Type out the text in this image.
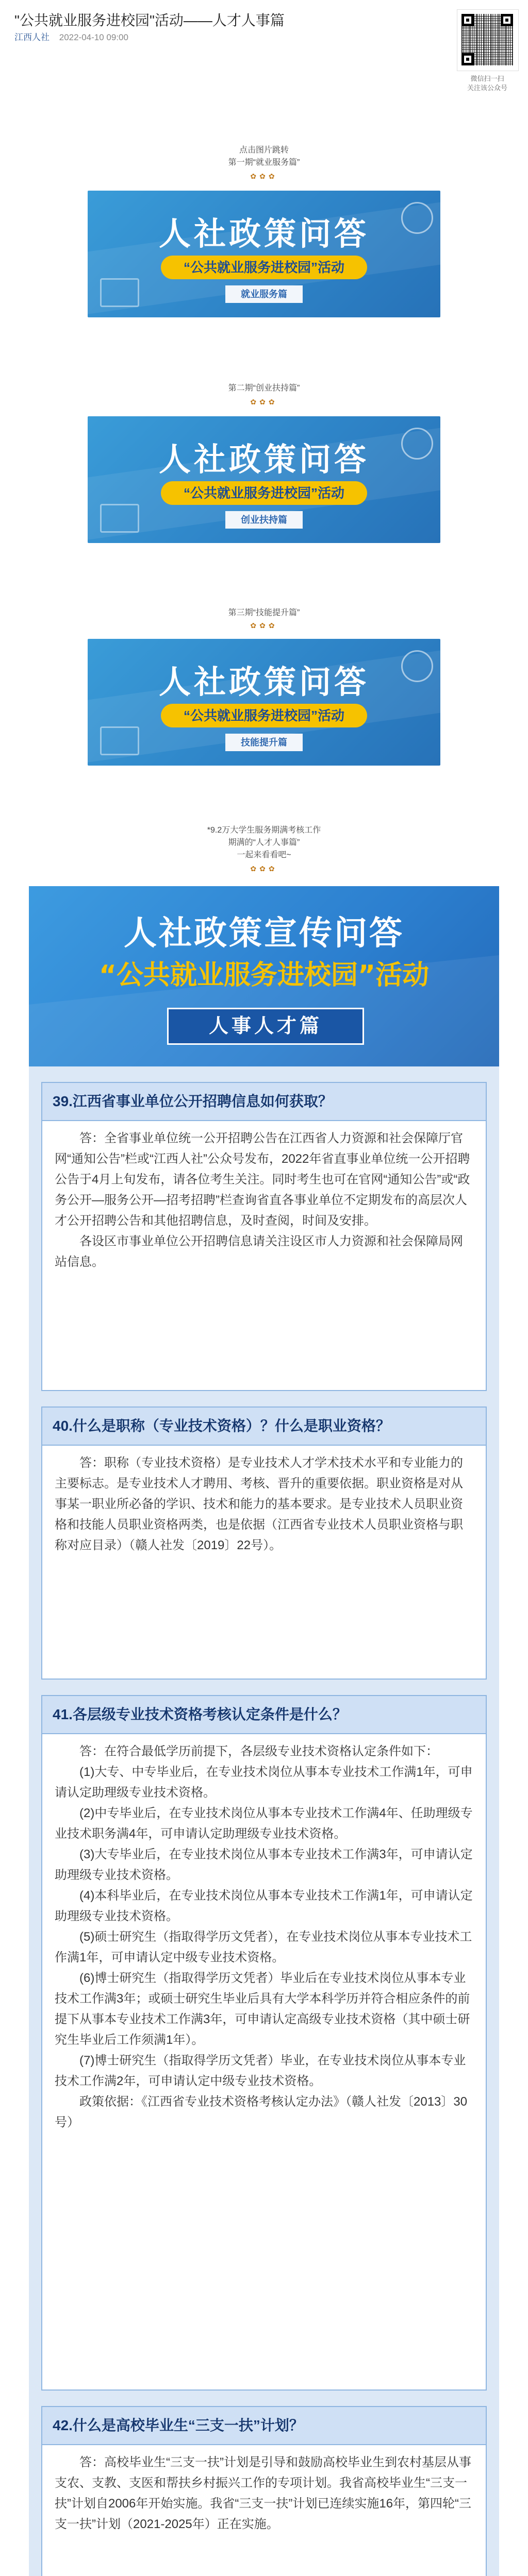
"公共就业服务进校园"活动——人才人事篇
江西人社 2022-04-10 09:00
微信扫一扫
关注该公众号
点击图片跳转
第一期“就业服务篇”
✿✿✿
人社政策问答
“公共就业服务进校园”活动
就业服务篇
第二期“创业扶持篇”
✿✿✿
人社政策问答
“公共就业服务进校园”活动
创业扶持篇
第三期“技能提升篇”
✿✿✿
人社政策问答
“公共就业服务进校园”活动
技能提升篇
*9.2万大学生服务期满考核工作
期满的“人才人事篇”
一起来看看吧~
✿✿✿
人社政策宣传问答
“公共就业服务进校园”活动
人事人才篇
39.江西省事业单位公开招聘信息如何获取？

答：全省事业单位统一公开招聘公告在江西省人力资源和社会保障厅官网“通知公告”栏或“江西人社”公众号发布，2022年省直事业单位统一公开招聘公告于4月上旬发布，请各位考生关注。同时考生也可在官网“通知公告”或“政务公开—服务公开—招考招聘”栏查询省直各事业单位不定期发布的高层次人才公开招聘公告和其他招聘信息，及时查阅，时间及安排。

各设区市事业单位公开招聘信息请关注设区市人力资源和社会保障局网站信息。

40.什么是职称（专业技术资格）？什么是职业资格？

答：职称（专业技术资格）是专业技术人才学术技术水平和专业能力的主要标志。是专业技术人才聘用、考核、晋升的重要依据。职业资格是对从事某一职业所必备的学识、技术和能力的基本要求。是专业技术人员职业资格和技能人员职业资格两类，也是依据（江西省专业技术人员职业资格与职称对应目录）（赣人社发〔2019〕22号）。

41.各层级专业技术资格考核认定条件是什么？

答：在符合最低学历前提下，各层级专业技术资格认定条件如下：

(1)大专、中专毕业后，在专业技术岗位从事本专业技术工作满1年，可申请认定助理级专业技术资格。

(2)中专毕业后，在专业技术岗位从事本专业技术工作满4年、任助理级专业技术职务满4年，可申请认定助理级专业技术资格。

(3)大专毕业后，在专业技术岗位从事本专业技术工作满3年，可申请认定助理级专业技术资格。

(4)本科毕业后，在专业技术岗位从事本专业技术工作满1年，可申请认定助理级专业技术资格。

(5)硕士研究生（指取得学历文凭者），在专业技术岗位从事本专业技术工作满1年，可申请认定中级专业技术资格。

(6)博士研究生（指取得学历文凭者）毕业后在专业技术岗位从事本专业技术工作满3年；或硕士研究生毕业后具有大学本科学历并符合相应条件的前提下从事本专业技术工作满3年，可申请认定高级专业技术资格（其中硕士研究生毕业后工作须满1年）。

(7)博士研究生（指取得学历文凭者）毕业，在专业技术岗位从事本专业技术工作满2年，可申请认定中级专业技术资格。

政策依据：《江西省专业技术资格考核认定办法》（赣人社发〔2013〕30号）

42.什么是高校毕业生“三支一扶”计划？

答：高校毕业生“三支一扶”计划是引导和鼓励高校毕业生到农村基层从事支农、支教、支医和帮扶乡村振兴工作的专项计划。我省高校毕业生“三支一扶”计划自2006年开始实施。我省“三支一扶”计划已连续实施16年，第四轮“三支一扶”计划（2021-2025年）正在实施。
